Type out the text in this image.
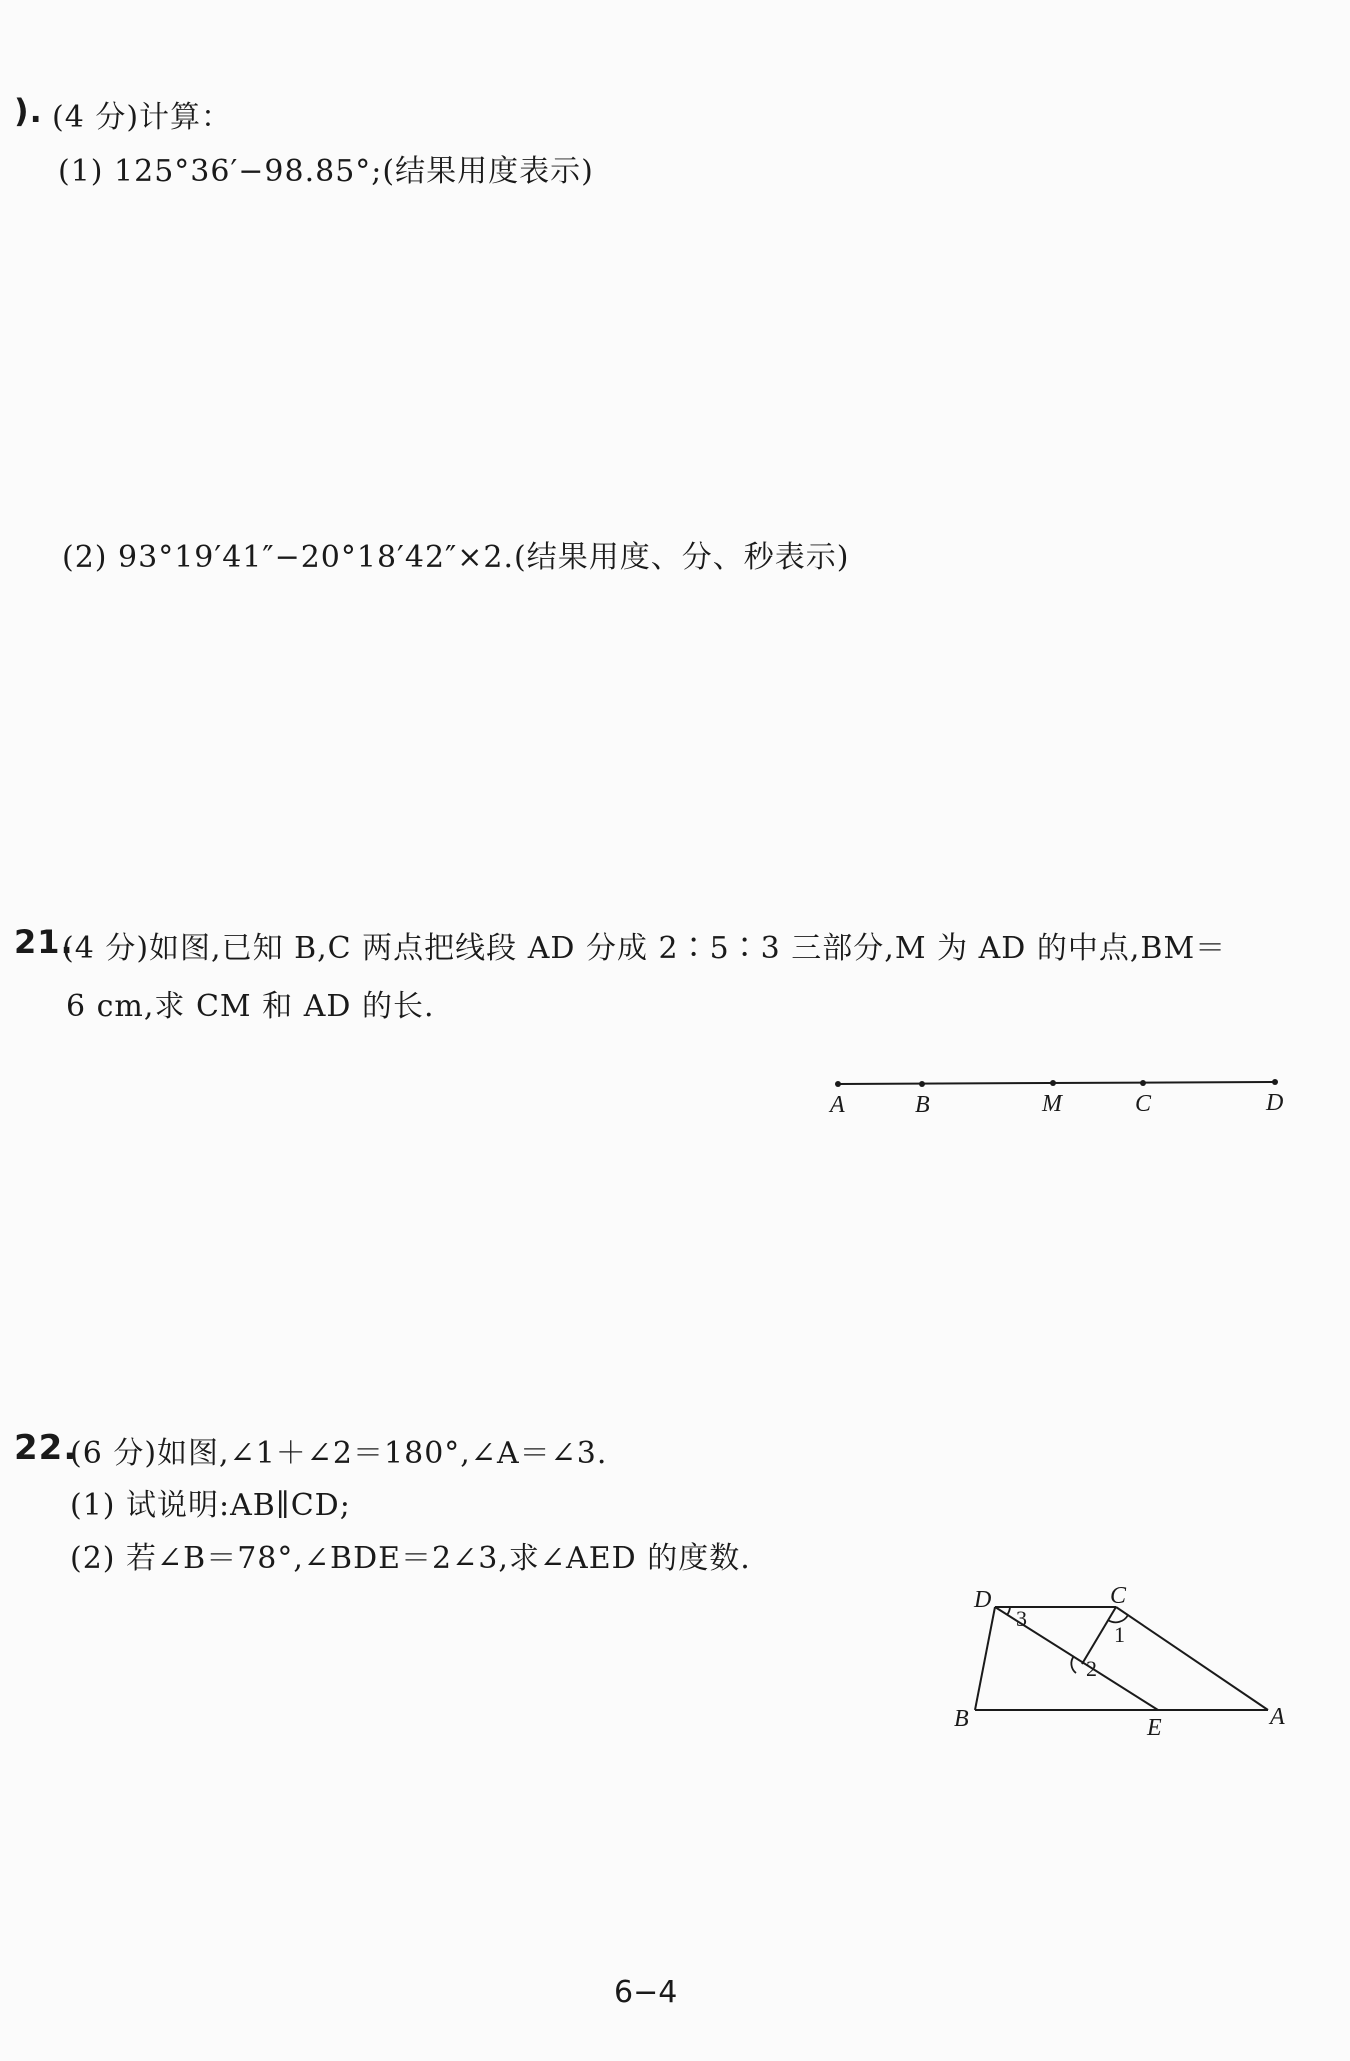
). (4 分)计算：
(1) 125°36′−98.85°;(结果用度表示)
(2) 93°19′41″−20°18′42″×2.(结果用度、分、秒表示)
21.
(4 分)如图,已知 B,C 两点把线段 AD 分成 2∶5∶3 三部分,M 为 AD 的中点,BM＝
6 cm,求 CM 和 AD 的长.
A	B	M	C	D
22.
(6 分)如图,∠1＋∠2＝180°,∠A＝∠3.
(1) 试说明:AB∥CD;
(2) 若∠B＝78°,∠BDE＝2∠3,求∠AED 的度数.
D	C
B	E	A
3
1
2
6−4
